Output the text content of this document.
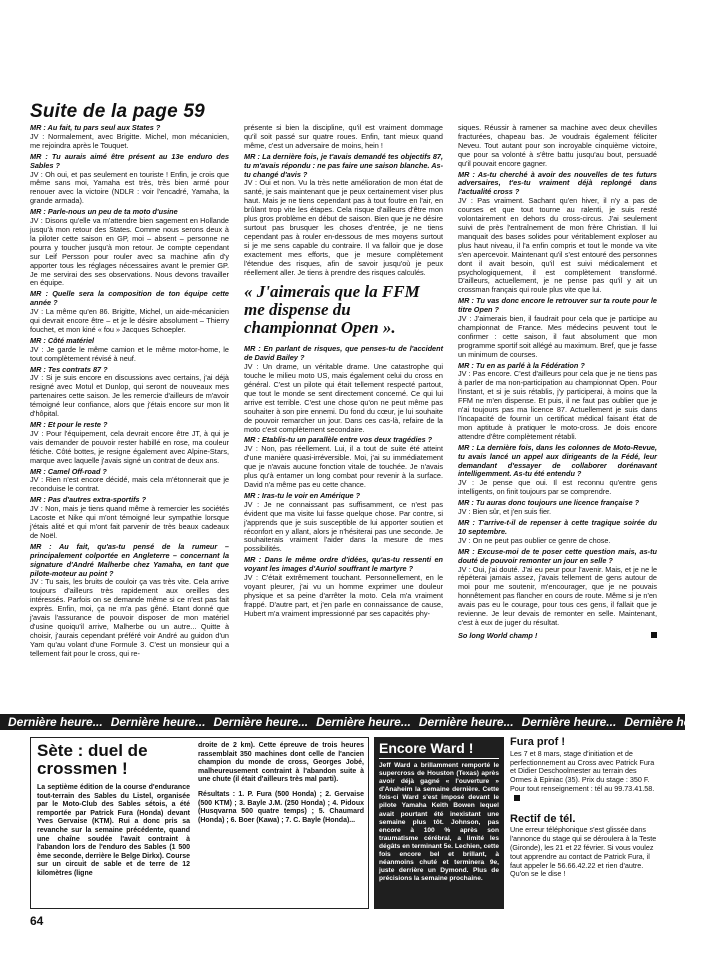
Suite de la page 59
MR : Au fait, tu pars seul aux States ?
JV : Normalement, avec Brigitte. Michel, mon mécanicien, me rejoindra après le Touquet.
MR : Tu aurais aimé être présent au 13e enduro des Sables ?
JV : Oh oui, et pas seulement en touriste ! Enfin, je crois que même sans moi, Yamaha est très, très bien armé pour renouer avec la victoire (NDLR : voir l'encadré, Yamaha, la grande armada).
MR : Parle-nous un peu de ta moto d'usine
JV : Disons qu'elle va m'attendre bien sagement en Hollande jusqu'à mon retour des States. Comme nous serons deux à la piloter cette saison en GP, moi – absent – personne ne pourra y toucher jusqu'à mon retour. Je compte cependant sur Leif Persson pour rouler avec sa machine afin d'y apporter tous les réglages nécessaires avant le premier GP. Je me servirai des ses observations. Nous devons travailler en équipe.
MR : Quelle sera la composition de ton équipe cette année ?
JV : La même qu'en 86. Brigitte, Michel, un aide-mécanicien qui devrait encore être – et je le désire absolument – Thierry fouchet, et mon kiné « fou » Jacques Schoepler.
MR : Côté matériel
JV : Je garde le même camion et le même motor-home, le tout complètement révisé à neuf.
MR : Tes contrats 87 ?
JV : Si je suis encore en discussions avec certains, j'ai déjà resigné avec Motul et Dunlop, qui seront de nouveaux mes partenaires cette saison. Je les remercie d'ailleurs de m'avoir témoigné leur confiance, alors que j'étais encore sur mon lit d'hôpital.
MR : Et pour le reste ?
JV : Pour l'équipement, cela devrait encore être JT, à qui je vais demander de pouvoir rester habillé en rose, ma couleur fétiche. Côté bottes, je resigne également avec Alpine-Stars, marque avec laquelle j'avais signé un contrat de deux ans.
MR : Camel Off-road ?
JV : Rien n'est encore décidé, mais cela m'étonnerait que je reconduise le contrat.
MR : Pas d'autres extra-sportifs ?
JV : Non, mais je tiens quand même à remercier les sociétés Lacoste et Nike qui m'ont témoigné leur sympathie lorsque j'étais alité et qui m'ont fait parvenir de très beaux cadeaux de Noël.
MR : Au fait, qu'as-tu pensé de la rumeur – principalement colportée en Angleterre – concernant la signature d'André Malherbe chez Yamaha, en tant que pilote-moteur au point ?
JV : Tu sais, les bruits de couloir ça vas très vite. Cela arrive toujours d'ailleurs très rapidement aux oreilles des intéressés. Parfois on se demande même si ce n'est pas fait exprès. Enfin, moi, ça ne m'a pas gêné. Etant donné que j'avais l'assurance de pouvoir disposer de mon matériel d'usine quoiqu'il arrive, Malherbe ou un autre... Quitte à choisir, j'aurais cependant préféré voir André au guidon d'un Yam qu'au volant d'une Formule 3. C'est un monsieur qui a tellement fait pour le cross, qui re-
présente si bien la discipline, qu'il est vraiment dommage qu'il soit passé sur quatre roues. Enfin, tant mieux quand même, c'est un adversaire de moins, hein !
MR : La dernière fois, je t'avais demandé tes objectifs 87, tu m'avais répondu : ne pas faire une saison blanche. As-tu changé d'avis ?
JV : Oui et non. Vu la très nette amélioration de mon état de santé, je sais maintenant que je peux certainement viser plus haut. Mais je ne tiens cependant pas à tout foutre en l'air, en brûlant trop vite les étapes. Cela risque d'ailleurs d'être mon plus gros problème en début de saison. Bien que je ne désire surtout pas brusquer les choses d'entrée, je ne tiens cependant pas à rouler en-dessous de mes moyens surtout si je me sens capable du contraire. Il va falloir que je dose exactement mes efforts, que je mesure complètement l'étendue des risques, afin de savoir jusqu'où je peux réellement aller. Je tiens à prendre des risques calculés.
« J'aimerais que la FFM me dispense du championnat Open ».
MR : En parlant de risques, que penses-tu de l'accident de David Bailey ?
JV : Un drame, un véritable drame. Une catastrophe qui touche le milieu moto US, mais également celui du cross en général. C'est un pilote qui était tellement respecté partout, que tout le monde se sent directement concerné. Ce qui lui arrive est terrible. C'est une chose qu'on ne peut même pas souhaiter à son pire ennemi. Du fond du cœur, je lui souhaite de pouvoir remarcher un jour. Dans ces cas-là, refaire de la moto c'est complètement secondaire.
MR : Etablis-tu un parallèle entre vos deux tragédies ?
JV : Non, pas réellement. Lui, il a tout de suite été atteint d'une manière quasi-irréversible. Moi, j'ai su immédiatement que je n'avais aucune fonction vitale de touchée. Je n'avais plus qu'à entamer un long combat pour revenir à la surface. David n'a même pas eu cette chance.
MR : Iras-tu le voir en Amérique ?
JV : Je ne connaissant pas suffisamment, ce n'est pas évident que ma visite lui fasse quelque chose. Par contre, si j'apprends que je suis susceptible de lui apporter soutien et réconfort en y allant, alors je n'hésiterai pas une seconde. Je souhaiterais vraiment l'aider dans la mesure de mes possibilités.
MR : Dans le même ordre d'idées, qu'as-tu ressenti en voyant les images d'Auriol souffrant le martyre ?
JV : C'était extrêmement touchant. Personnellement, en le voyant pleurer, j'ai vu un homme exprimer une douleur physique et sa peine d'arrêter la moto. Cela m'a vraiment frappé. D'autre part, et j'en parle en connaissance de cause, Hubert m'a vraiment impressionné par ses capacités phy-
siques. Réussir à ramener sa machine avec deux chevilles fracturées, chapeau bas. Je voudrais également féliciter Neveu. Tout autant pour son incroyable cinquième victoire, que pour sa volonté à s'être battu jusqu'au bout, persuadé qu'il pouvait encore gagner.
MR : As-tu cherché à avoir des nouvelles de tes futurs adversaires, t'es-tu vraiment déjà replongé dans l'actualité cross ?
JV : Pas vraiment. Sachant qu'en hiver, il n'y a pas de courses et que tout tourne au ralenti, je suis resté volontairement en dehors du cross-circus. J'ai seulement suivi de près l'entraînement de mon frère Christian. Il lui manquait des bases solides pour véritablement exploser au plus haut niveau, il l'a enfin compris et tout le monde va vite s'en apercevoir. Maintenant qu'il s'est entouré des personnes dont il avait besoin, qu'il est suivi médicalement et psychologiquement, il est complètement transformé. D'ailleurs, actuellement, je ne pense pas qu'il y ait un crossman français qui roule plus vite que lui.
MR : Tu vas donc encore le retrouver sur ta route pour le titre Open ?
JV : J'aimerais bien, il faudrait pour cela que je participe au championnat de France. Mes médecins peuvent tout le confirmer : cette saison, il faut absolument que mon programme sportif soit allégé au maximum. Bref, que je fasse un minimum de courses.
MR : Tu en as parlé à la Fédération ?
JV : Pas encore. C'est d'ailleurs pour cela que je ne tiens pas à parler de ma non-participation au championnat Open. Pour l'instant, et si je suis rétablis, j'y participerai, à moins que la FFM ne m'en dispense. Et puis, il ne faut pas oublier que je n'ai toujours pas ma licence 87. Actuellement je suis dans l'incapacité de fournir un certificat médical faisant état de mon aptitude à pratiquer le moto-cross. Je dois encore attendre d'être complètement rétabli.
MR : La dernière fois, dans les colonnes de Moto-Revue, tu avais lancé un appel aux dirigeants de la Fédé, leur demandant d'essayer de collaborer dorénavant intelligemment. As-tu été entendu ?
JV : Je pense que oui. Il est reconnu qu'entre gens intelligents, on finit toujours par se comprendre.
MR : Tu auras donc toujours une licence française ?
JV : Bien sûr, et j'en suis fier.
MR : T'arrive-t-il de repenser à cette tragique soirée du 10 septembre.
JV : On ne peut pas oublier ce genre de chose.
MR : Excuse-moi de te poser cette question mais, as-tu douté de pouvoir remonter un jour en selle ?
JV : Oui, j'ai douté. J'ai eu peur pour l'avenir. Mais, et je ne le répéterai jamais assez, j'avais tellement de gens autour de moi pour me soutenir, m'encourager, que je ne pouvais honnêtement pas flancher en cours de route. Même si je n'en avais pas eu le courage, pour tous ces gens, il fallait que je revienne. Je leur devais de remonter en selle. Maintenant, c'est à eux de juger du résultat.
So long World champ !
Dernière heure... Dernière heure... Dernière heure... Dernière heure... Dernière heure... Dernière heure... Dernière heure...
Sète : duel de crossmen !
La septième édition de la course d'endurance tout-terrain des Sables du Listel, organisée par le Moto-Club des Sables sétois, a été remportée par Patrick Fura (Honda) devant Yves Gervaise (KTM). Rui a donc pris sa revanche sur la semaine précédente, quand une chaîne soudée l'avait contraint à l'abandon lors de l'enduro des Sables (1 500 ème seconde, derrière le Belge Dirkx). Course sur un circuit de sable et de terre de 12 kilomètres (ligne
droite de 2 km). Cette épreuve de trois heures rassemblait 350 machines dont celle de l'ancien champion du monde de cross, Georges Jobé, malheureusement contraint à l'abandon suite à une chute (il était d'ailleurs très mal parti).
Résultats : 1. P. Fura (500 Honda) ; 2. Gervaise (500 KTM) ; 3. Bayle J.M. (250 Honda) ; 4. Pidoux (Husqvarna 500 quatre temps) ; 5. Chaumard (Honda) ; 6. Boer (Kawa) ; 7. C. Bayle (Honda)...
Encore Ward !
Jeff Ward a brillamment remporté le supercross de Houston (Texas) après avoir déjà gagné « l'ouverture » d'Anaheim la semaine dernière. Cette fois-ci Ward s'est imposé devant le pilote Yamaha Keith Bowen lequel avait pourtant été inexistant une semaine plus tôt. Johnson, pas encore à 100 % après son traumatisme cérébral, a limité les dégâts en terminant 5e. Lechien, cette fois encore bel et brillant, à néanmoins chuté et terminera 9e, juste derrière un Dymond. Plus de précisions la semaine prochaine.
Fura prof !
Les 7 et 8 mars, stage d'initiation et de perfectionnement au Cross avec Patrick Fura et Didier Deschoolmester au terrain des Ormes à Epiniac (35). Prix du stage : 350 F. Pour tout renseignement : tél au 99.73.41.58.
Rectif de tél.
Une erreur téléphonique s'est glissée dans l'annonce du stage qui se déroulera à la Teste (Gironde), les 21 et 22 février. Si vous voulez tout apprendre au contact de Patrick Fura, il faut appeler le 56.66.42.22 et rien d'autre. Qu'on se le dise !
64
